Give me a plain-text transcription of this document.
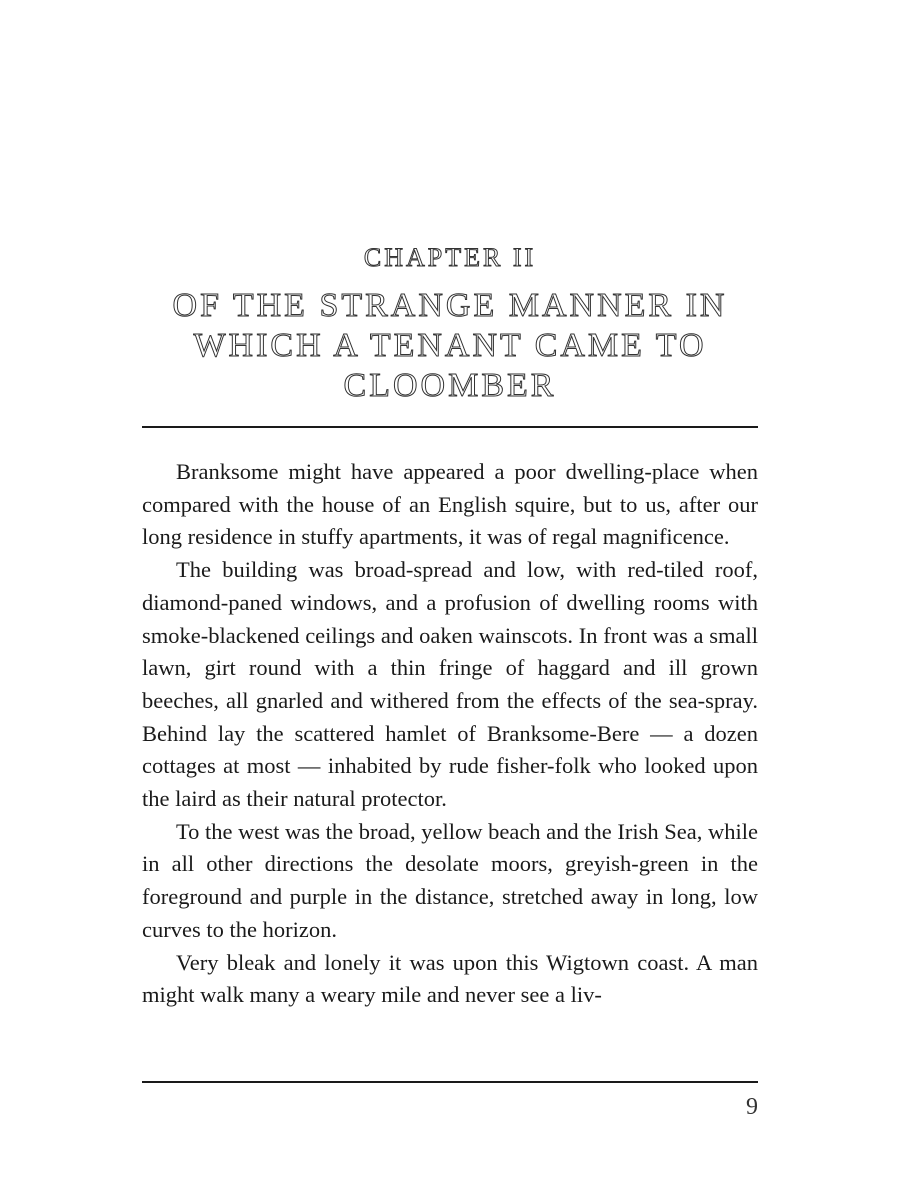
CHAPTER II
OF THE STRANGE MANNER IN WHICH A TENANT CAME TO CLOOMBER

Branksome might have appeared a poor dwelling-place when compared with the house of an English squire, but to us, after our long residence in stuffy apartments, it was of regal magnificence.

The building was broad-spread and low, with red-tiled roof, diamond-paned windows, and a profusion of dwelling rooms with smoke-blackened ceilings and oaken wainscots. In front was a small lawn, girt round with a thin fringe of haggard and ill grown beeches, all gnarled and withered from the effects of the sea-spray. Behind lay the scattered hamlet of Branksome-Bere — a dozen cottages at most — inhabited by rude fisher-folk who looked upon the laird as their natural protector.

To the west was the broad, yellow beach and the Irish Sea, while in all other directions the desolate moors, greyish-green in the foreground and purple in the distance, stretched away in long, low curves to the horizon.

Very bleak and lonely it was upon this Wigtown coast. A man might walk many a weary mile and never see a liv-

9
